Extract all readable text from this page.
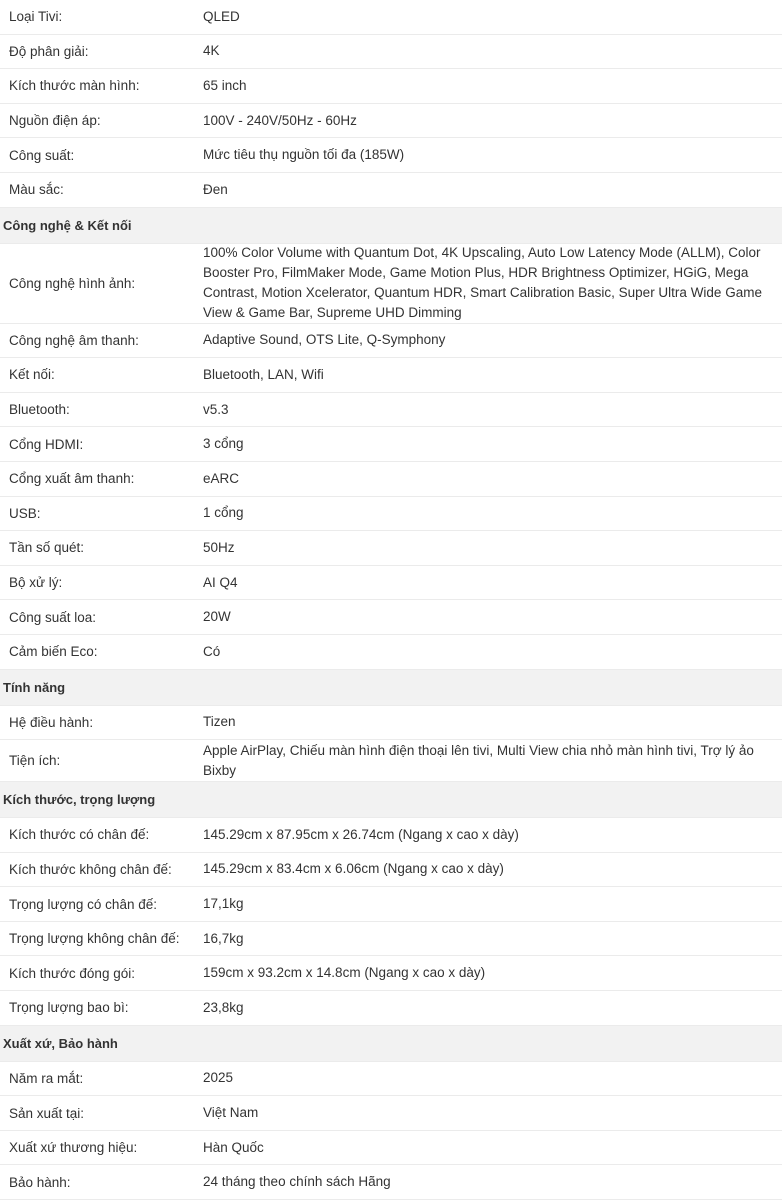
Loại Tivi:	QLED
Độ phân giải:	4K
Kích thước màn hình:	65 inch
Nguồn điện áp:	100V - 240V/50Hz - 60Hz
Công suất:	Mức tiêu thụ nguồn tối đa (185W)
Màu sắc:	Đen
Công nghệ & Kết nối
Công nghệ hình ảnh:
100% Color Volume with Quantum Dot, 4K Upscaling, Auto Low Latency Mode (ALLM), Color Booster Pro, FilmMaker Mode, Game Motion Plus, HDR Brightness Optimizer, HGiG, Mega Contrast, Motion Xcelerator, Quantum HDR, Smart Calibration Basic, Super Ultra Wide Game View & Game Bar, Supreme UHD Dimming
Công nghệ âm thanh:	Adaptive Sound, OTS Lite, Q-Symphony
Kết nối:	Bluetooth, LAN, Wifi
Bluetooth:	v5.3
Cổng HDMI:	3 cổng
Cổng xuất âm thanh:	eARC
USB:	1 cổng
Tần số quét:	50Hz
Bộ xử lý:	AI Q4
Công suất loa:	20W
Cảm biến Eco:	Có
Tính năng
Hệ điều hành:	Tizen
Tiện ích:
Apple AirPlay, Chiếu màn hình điện thoại lên tivi, Multi View chia nhỏ màn hình tivi, Trợ lý ảo Bixby
Kích thước, trọng lượng
Kích thước có chân đế:	145.29cm x 87.95cm x 26.74cm (Ngang x cao x dày)
Kích thước không chân đế:	145.29cm x 83.4cm x 6.06cm (Ngang x cao x dày)
Trọng lượng có chân đế:	17,1kg
Trọng lượng không chân đế:	16,7kg
Kích thước đóng gói:	159cm x 93.2cm x 14.8cm (Ngang x cao x dày)
Trọng lượng bao bì:	23,8kg
Xuất xứ, Bảo hành
Năm ra mắt:	2025
Sản xuất tại:	Việt Nam
Xuất xứ thương hiệu:	Hàn Quốc
Bảo hành:	24 tháng theo chính sách Hãng
